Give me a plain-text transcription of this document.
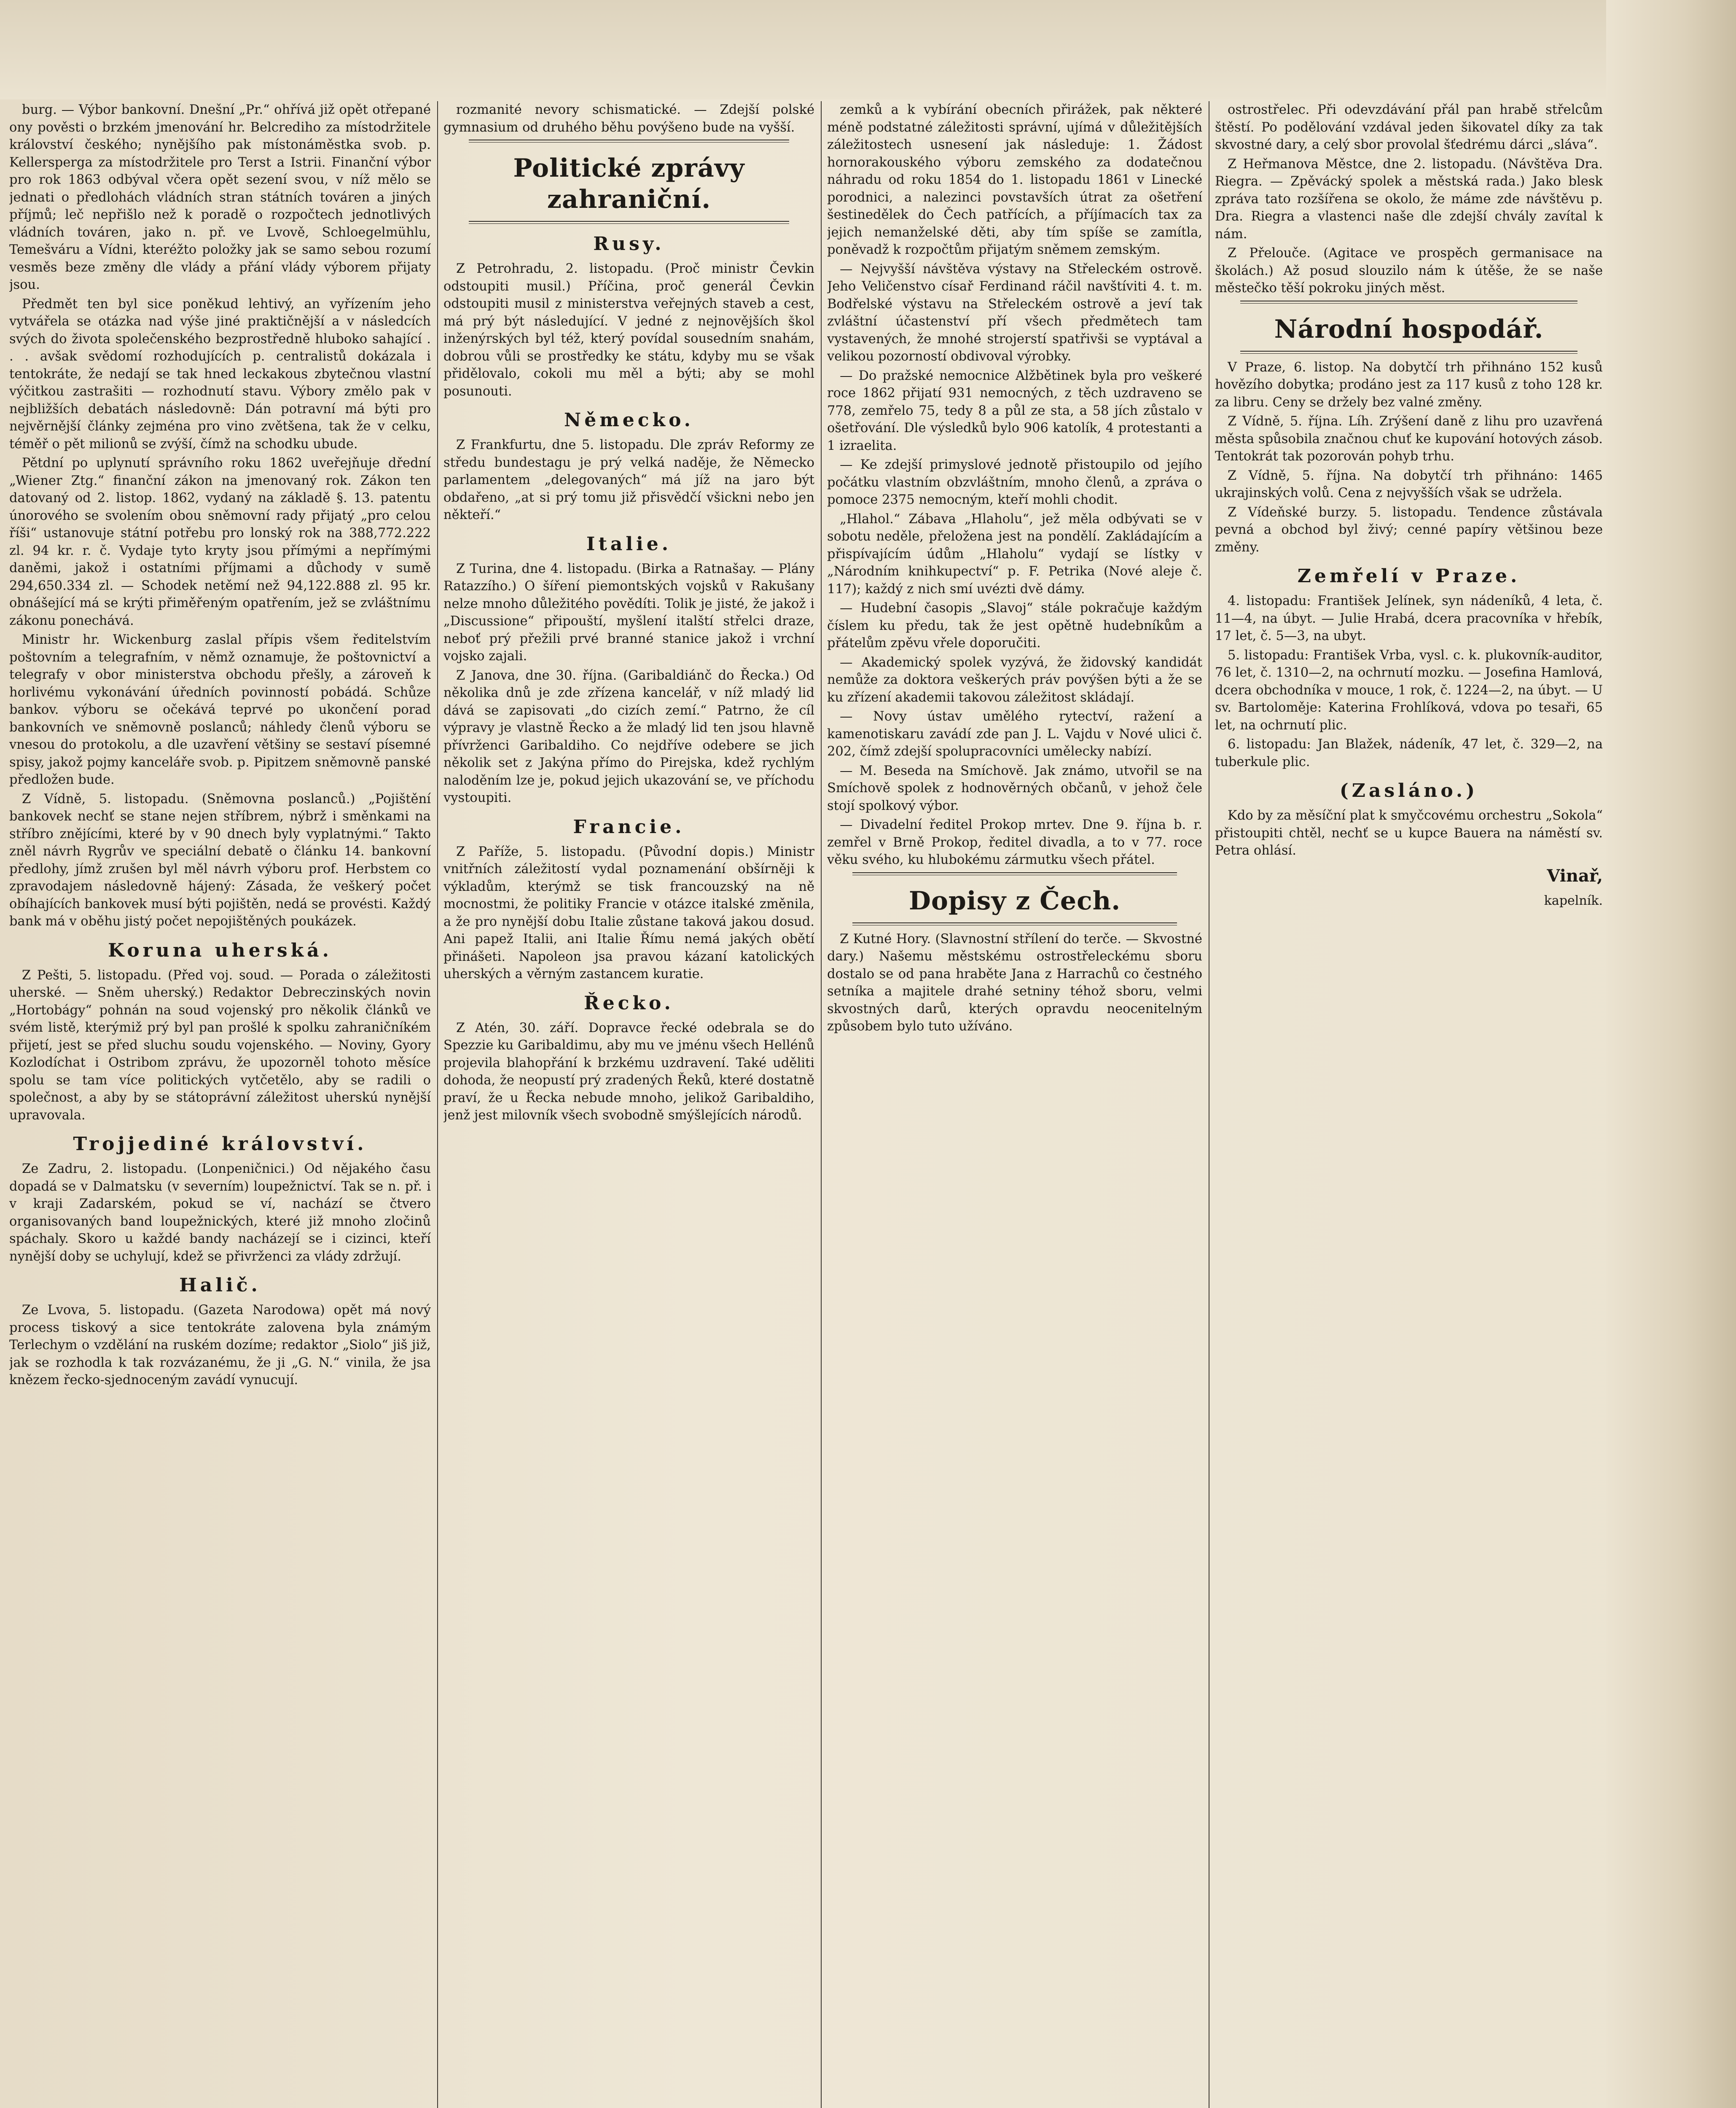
burg. — Výbor bankovní. Dnešní „Pr.“ ohřívá již opět otřepané ony pověsti o brzkém jmenování hr. Belcrediho za místodržitele království českého; nynějšího pak místonáměstka svob. p. Kellersperga za místodržitele pro Terst a Istrii. Finanční výbor pro rok 1863 odbýval včera opět sezení svou, v níž mělo se jednati o předlohách vládních stran státních továren a jiných příjmů; leč nepřišlo než k poradě o rozpočtech jednotlivých vládních továren, jako n. př. ve Lvově, Schloegelmühlu, Temešváru a Vídni, kteréžto položky jak se samo sebou rozumí vesměs beze změny dle vlády a přání vlády výborem přijaty jsou.

Předmět ten byl sice poněkud lehtivý, an vyřízením jeho vytvářela se otázka nad výše jiné praktičnější a v následcích svých do života společenského bezprostředně hluboko sahající . . . avšak svědomí rozhodujících p. centralistů dokázala i tentokráte, že nedají se tak hned leckakous zbytečnou vlastní výčitkou zastrašiti — rozhodnutí stavu. Výbory změlo pak v nejbližších debatách následovně: Dán potravní má býti pro nejvěrnější články zejména pro vino zvětšena, tak že v celku, téměř o pět milionů se zvýší, čímž na schodku ubude.

Pětdní po uplynutí správního roku 1862 uveřejňuje dřední „Wiener Ztg.“ finanční zákon na jmenovaný rok. Zákon ten datovaný od 2. listop. 1862, vydaný na základě §. 13. patentu únorového se svolením obou sněmovní rady přijatý „pro celou říši“ ustanovuje státní potřebu pro lonský rok na 388,772.222 zl. 94 kr. r. č. Vydaje tyto kryty jsou přímými a nepřímými daněmi, jakož i ostatními příjmami a důchody v sumě 294,650.334 zl. — Schodek netěmí než 94,122.888 zl. 95 kr. obnášející má se krýti přiměřeným opatřením, jež se zvláštnímu zákonu ponechává.

Ministr hr. Wickenburg zaslal přípis všem ředitelstvím poštovním a telegrafním, v němž oznamuje, že poštovnictví a telegrafy v obor ministerstva obchodu přešly, a zároveň k horlivému vykonávání úředních povinností pobádá. Schůze bankov. výboru se očekává teprvé po ukončení porad bankovních ve sněmovně poslanců; náhledy členů výboru se vnesou do protokolu, a dle uzavření většiny se sestaví písemné spisy, jakož pojmy kanceláře svob. p. Pipitzem sněmovně panské předložen bude.

Z Vídně, 5. listopadu. (Sněmovna poslanců.) „Pojištění bankovek nechť se stane nejen stříbrem, nýbrž i směnkami na stříbro znějícími, které by v 90 dnech byly vyplatnými.“ Takto zněl návrh Rygrův ve speciální debatě o článku 14. bankovní předlohy, jímž zrušen byl měl návrh výboru prof. Herbstem co zpravodajem následovně hájený: Zásada, že veškerý počet obíhajících bankovek musí býti pojištěn, nedá se provésti. Každý bank má v oběhu jistý počet nepojištěných poukázek.

Koruna uherská.

Z Pešti, 5. listopadu. (Před voj. soud. — Porada o záležitosti uherské. — Sněm uherský.) Redaktor Debreczinských novin „Hortobágy“ pohnán na soud vojenský pro několik článků ve svém listě, kterýmiž prý byl pan prošlé k spolku zahraničníkém přijetí, jest se před sluchu soudu vojenského. — Noviny, Gyory Kozlodíchat i Ostribom zprávu, že upozorněl tohoto měsíce spolu se tam více politických vytčetělo, aby se radili o společnost, a aby by se státoprávní záležitost uherskú nynější upravovala.

Trojjediné království.

Ze Zadru, 2. listopadu. (Lonpeničnici.) Od nějakého času dopadá se v Dalmatsku (v severním) loupežnictví. Tak se n. př. i v kraji Zadarském, pokud se ví, nachází se čtvero organisovaných band loupežnických, které již mnoho zločinů spáchaly. Skoro u každé bandy nacházejí se i cizinci, kteří nynější doby se uchylují, kdež se přivrženci za vlády zdržují.

Halič.

Ze Lvova, 5. listopadu. (Gazeta Narodowa) opět má nový process tiskový a sice tentokráte zalovena byla známým Terlechym o vzdělání na ruském dozíme; redaktor „Siolo“ jiš již, jak se rozhodla k tak rozvázanému, že ji „G. N.“ vinila, že jsa knězem řecko-sjednoceným zavádí vynucují.

rozmanité nevory schismatické. — Zdejší polské gymnasium od druhého běhu povýšeno bude na vyšší.

Politické zprávy zahraniční.
Rusy.

Z Petrohradu, 2. listopadu. (Proč ministr Čevkin odstoupiti musil.) Příčina, proč generál Čevkin odstoupiti musil z ministerstva veřejných staveb a cest, má prý být následující. V jedné z nejnovějších škol inženýrských byl též, který povídal sousedním snahám, dobrou vůli se prostředky ke státu, kdyby mu se však přidělovalo, cokoli mu měl a býti; aby se mohl posunouti.

Německo.

Z Frankfurtu, dne 5. listopadu. Dle zpráv Reformy ze středu bundestagu je prý velká naděje, že Německo parlamentem „delegovaných“ má jíž na jaro být obdařeno, „at si prý tomu již přisvědčí všickni nebo jen někteří.“

Italie.

Z Turina, dne 4. listopadu. (Birka a Ratnašay. — Plány Ratazzího.) O šíření piemontských vojsků v Rakušany nelze mnoho důležitého povědíti. Tolik je jisté, že jakož i „Discussione“ připouští, myšlení italští střelci draze, neboť prý přežili prvé branné stanice jakož i vrchní vojsko zajali.

Z Janova, dne 30. října. (Garibaldiánč do Řecka.) Od několika dnů je zde zřízena kancelář, v níž mladý lid dává se zapisovati „do cizích zemí.“ Patrno, že cíl výpravy je vlastně Řecko a že mladý lid ten jsou hlavně přívrženci Garibaldiho. Co nejdříve odebere se jich několik set z Jakýna přímo do Pirejska, kdež rychlým naloděním lze je, pokud jejich ukazování se, ve příchodu vystoupiti.

Francie.

Z Paříže, 5. listopadu. (Původní dopis.) Ministr vnitřních záležitostí vydal poznamenání obšírněji k výkladům, kterýmž se tisk francouzský na ně mocnostmi, že politiky Francie v otázce italské změnila, a že pro nynější dobu Italie zůstane taková jakou dosud. Ani papež Italii, ani Italie Římu nemá jakých obětí přinášeti. Napoleon jsa pravou kázaní katolických uherských a věrným zastancem kuratie.

Řecko.

Z Atén, 30. září. Dopravce řecké odebrala se do Spezzie ku Garibaldimu, aby mu ve jménu všech Hellénů projevila blahopřání k brzkému uzdravení. Také uděliti dohoda, že neopustí prý zradených Řeků, které dostatně praví, že u Řecka nebude mnoho, jelikož Garibaldiho, jenž jest milovník všech svobodně smýšlejících národů.

zemků a k vybírání obecních přirážek, pak některé méně podstatné záležitosti správní, ujímá v důležitějších záležitostech usnesení jak následuje: 1. Žádost hornorakouského výboru zemského za dodatečnou náhradu od roku 1854 do 1. listopadu 1861 v Linecké porodnici, a nalezinci povstavších útrat za ošetření šestinedělek do Čech patřících, a příjímacích tax za jejich nemanželské děti, aby tím spíše se zamítla, poněvadž k rozpočtům přijatým sněmem zemským.

— Nejvyšší návštěva výstavy na Střeleckém ostrově. Jeho Veličenstvo císař Ferdinand ráčil navštíviti 4. t. m. Bodřelské výstavu na Střeleckém ostrově a jeví tak zvláštní účastenství pří všech předmětech tam vystavených, že mnohé strojerstí spatřivši se vyptával a velikou pozorností obdivoval výrobky.

— Do pražské nemocnice Alžbětinek byla pro veškeré roce 1862 přijatí 931 nemocných, z těch uzdraveno se 778, zemřelo 75, tedy 8 a půl ze sta, a 58 jích zůstalo v ošetřování. Dle výsledků bylo 906 katolík, 4 protestanti a 1 izraelita.

— Ke zdejší primyslové jednotě přistoupilo od jejího počátku vlastním obzvláštním, mnoho členů, a zpráva o pomoce 2375 nemocným, kteří mohli chodit.

„Hlahol.“ Zábava „Hlaholu“, jež měla odbývati se v sobotu neděle, přeložena jest na pondělí. Zakládajícím a přispívajícím údům „Hlaholu“ vydají se lístky v „Národním knihkupectví“ p. F. Petrika (Nové aleje č. 117); každý z nich smí uvézti dvě dámy.

— Hudební časopis „Slavoj“ stále pokračuje každým číslem ku předu, tak že jest opětně hudebníkům a přátelům zpěvu vřele doporučiti.

— Akademický spolek vyzývá, že židovský kandidát nemůže za doktora veškerých práv povýšen býti a že se ku zřízení akademii takovou záležitost skládají.

— Novy ústav umělého rytectví, ražení a kamenotiskaru zavádí zde pan J. L. Vajdu v Nové ulici č. 202, čímž zdejší spolupracovníci umělecky nabízí.

— M. Beseda na Smíchově. Jak známo, utvořil se na Smíchově spolek z hodnověrných občanů, v jehož čele stojí spolkový výbor.

— Divadelní ředitel Prokop mrtev. Dne 9. října b. r. zemřel v Brně Prokop, ředitel divadla, a to v 77. roce věku svého, ku hlubokému zármutku všech přátel.

Dopisy z Čech.

Z Kutné Hory. (Slavnostní střílení do terče. — Skvostné dary.) Našemu městskému ostrostřeleckému sboru dostalo se od pana hraběte Jana z Harrachů co čestného setníka a majitele drahé setniny téhož sboru, velmi skvostných darů, kterých opravdu neocenitelným způsobem bylo tuto užíváno.

ostrostřelec. Při odevzdávání přál pan hrabě střelcům štěstí. Po podělování vzdával jeden šikovatel díky za tak skvostné dary, a celý sbor provolal šťedrému dárci „sláva“.

Z Heřmanova Městce, dne 2. listopadu. (Návštěva Dra. Riegra. — Zpěvácký spolek a městská rada.) Jako blesk zpráva tato rozšířena se okolo, že máme zde návštěvu p. Dra. Riegra a vlastenci naše dle zdejší chvály zavítal k nám.

Z Přelouče. (Agitace ve prospěch germanisace na školách.) Až posud slouzilo nám k útěše, že se naše městečko těší pokroku jiných měst.

Národní hospodář.

V Praze, 6. listop. Na dobytčí trh přihnáno 152 kusů hovězího dobytka; prodáno jest za 117 kusů z toho 128 kr. za libru. Ceny se držely bez valné změny.

Z Vídně, 5. října. Líh. Zrýšení daně z lihu pro uzavřená města spůsobila značnou chuť ke kupování hotových zásob. Tentokrát tak pozorován pohyb trhu.

Z Vídně, 5. října. Na dobytčí trh přihnáno: 1465 ukrajinských volů. Cena z nejvyšších však se udržela.

Z Vídeňské burzy. 5. listopadu. Tendence zůstávala pevná a obchod byl živý; cenné papíry většinou beze změny.

Zemřelí v Praze.

4. listopadu: František Jelínek, syn nádeníků, 4 leta, č. 11—4, na úbyt. — Julie Hrabá, dcera pracovníka v hřebík, 17 let, č. 5—3, na ubyt.

5. listopadu: František Vrba, vysl. c. k. plukovník-auditor, 76 let, č. 1310—2, na ochrnutí mozku. — Josefina Hamlová, dcera obchodníka v mouce, 1 rok, č. 1224—2, na úbyt. — U sv. Bartoloměje: Katerina Frohlíková, vdova po tesaři, 65 let, na ochrnutí plic.

6. listopadu: Jan Blažek, nádeník, 47 let, č. 329—2, na tuberkule plic.

(Zasláno.)

Kdo by za měsíční plat k smyčcovému orchestru „Sokola“ přistoupiti chtěl, nechť se u kupce Bauera na náměstí sv. Petra ohlásí.

Vinař,
kapelník.
